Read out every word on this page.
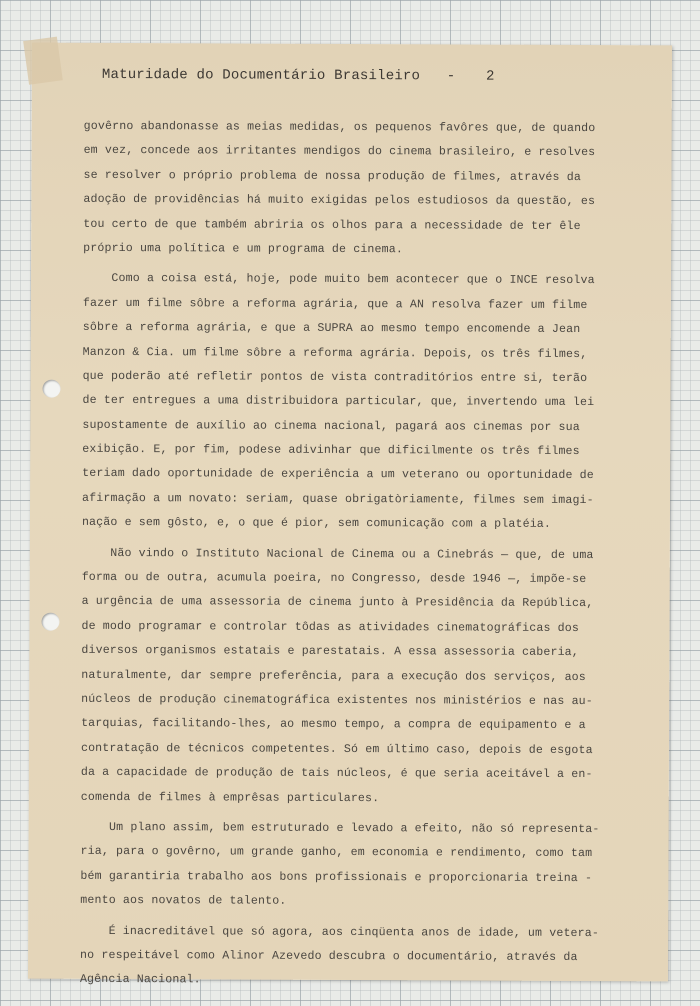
Maturidade do Documentário Brasileiro - 2
govêrno abandonasse as meias medidas, os pequenos favôres que, de quando
em vez, concede aos irritantes mendigos do cinema brasileiro, e resolves
se resolver o próprio problema de nossa produção de filmes, através da
adoção de providências há muito exigidas pelos estudiosos da questão, es
tou certo de que também abriria os olhos para a necessidade de ter êle
próprio uma política e um programa de cinema.
Como a coisa está, hoje, pode muito bem acontecer que o INCE resolva
fazer um filme sôbre a reforma agrária, que a AN resolva fazer um filme
sôbre a reforma agrária, e que a SUPRA ao mesmo tempo encomende a Jean
Manzon & Cia. um filme sôbre a reforma agrária. Depois, os três filmes,
que poderão até refletir pontos de vista contraditórios entre si, terão
de ter entregues a uma distribuidora particular, que, invertendo uma lei
supostamente de auxílio ao cinema nacional, pagará aos cinemas por sua
exibição. E, por fim, podese adivinhar que dificilmente os três filmes
teriam dado oportunidade de experiência a um veterano ou oportunidade de
afirmação a um novato: seriam, quase obrigatòriamente, filmes sem imagi-
nação e sem gôsto, e, o que é pior, sem comunicação com a platéia.
Não vindo o Instituto Nacional de Cinema ou a Cinebrás — que, de uma
forma ou de outra, acumula poeira, no Congresso, desde 1946 —, impõe-se
a urgência de uma assessoria de cinema junto à Presidência da República,
de modo programar e controlar tôdas as atividades cinematográficas dos
diversos organismos estatais e parestatais. A essa assessoria caberia,
naturalmente, dar sempre preferência, para a execução dos serviços, aos
núcleos de produção cinematográfica existentes nos ministérios e nas au-
tarquias, facilitando-lhes, ao mesmo tempo, a compra de equipamento e a
contratação de técnicos competentes. Só em último caso, depois de esgota
da a capacidade de produção de tais núcleos, é que seria aceitável a en-
comenda de filmes à emprêsas particulares.
Um plano assim, bem estruturado e levado a efeito, não só representa-
ria, para o govêrno, um grande ganho, em economia e rendimento, como tam
bém garantiria trabalho aos bons profissionais e proporcionaria treina -
mento aos novatos de talento.
É inacreditável que só agora, aos cinqüenta anos de idade, um vetera-
no respeitável como Alinor Azevedo descubra o documentário, através da
Agência Nacional.
